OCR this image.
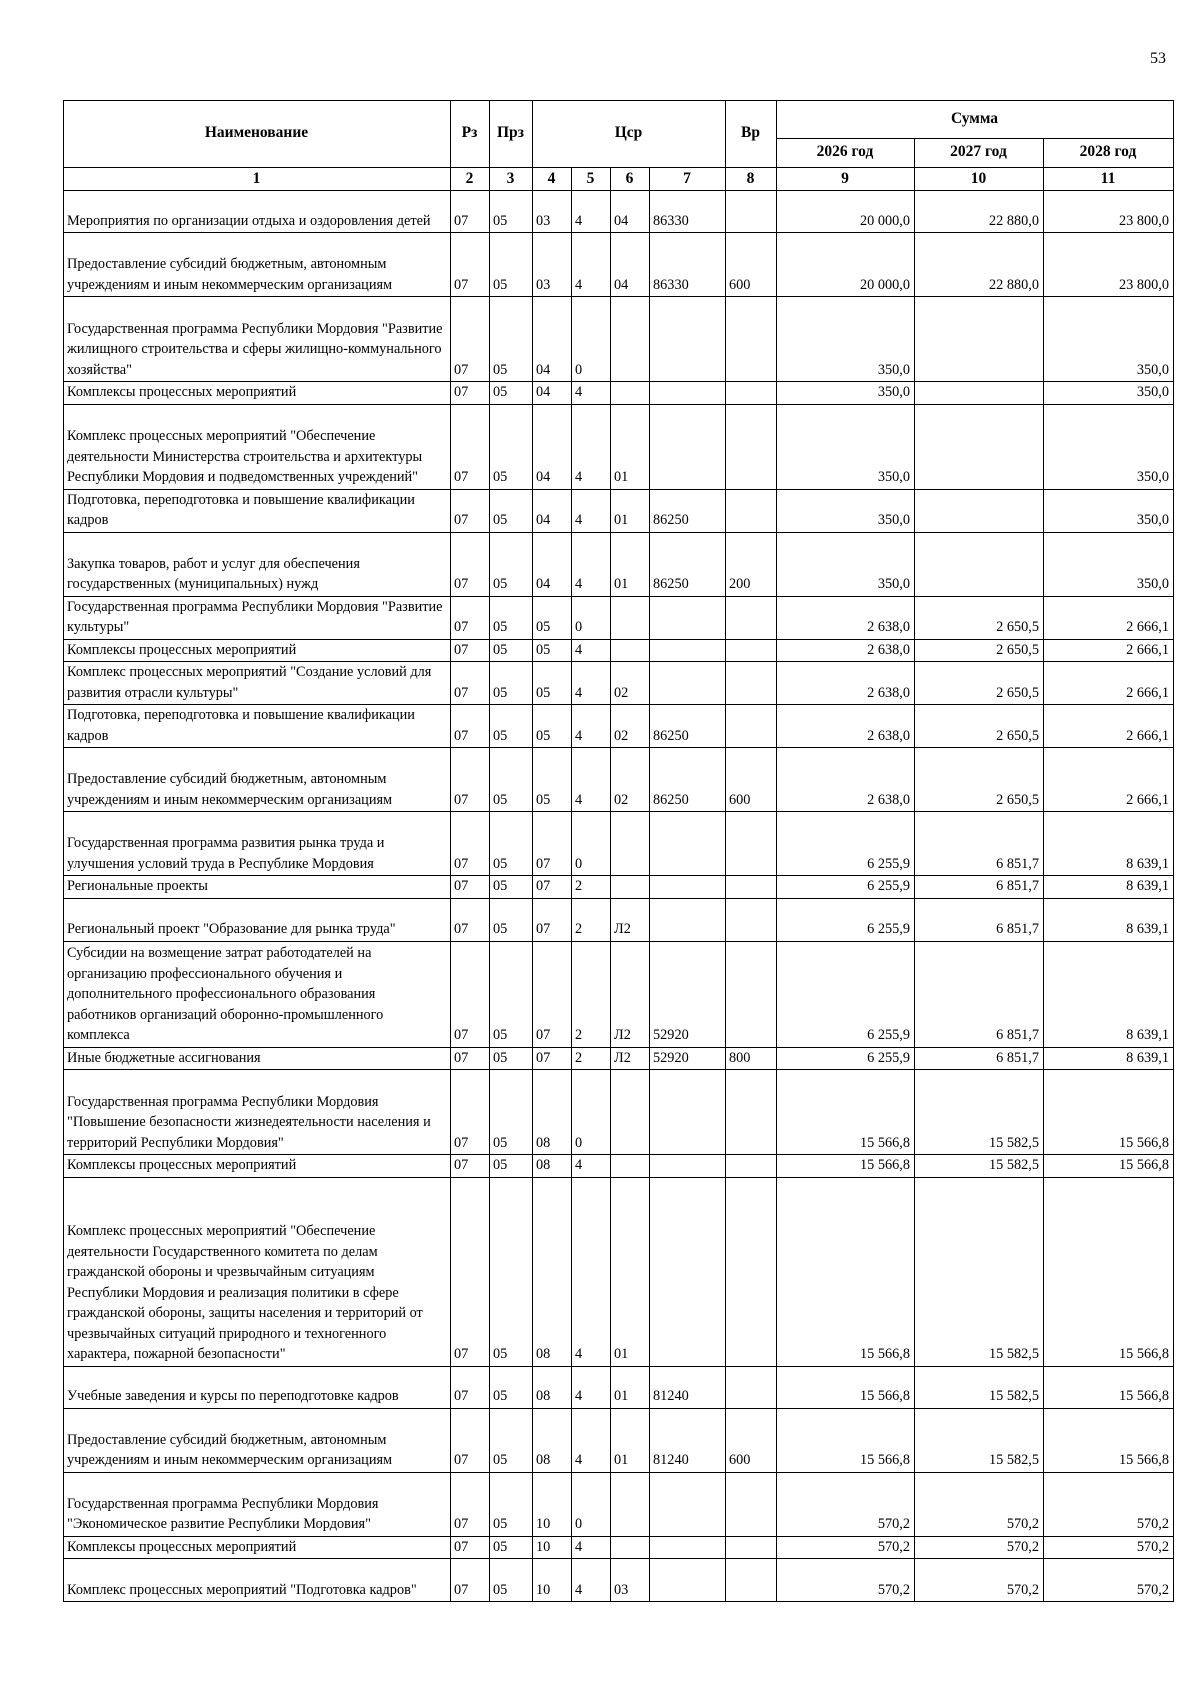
53
Наименование	Рз	Прз	Цср				Вр	Сумма		
								2026 год	2027 год	2028 год
1	2	3	4	5	6	7	8	9	10	11
Мероприятия по организации отдыха и оздоровления детей	07	05	03	4	04	86330		20 000,0	22 880,0	23 800,0
Предоставление субсидий бюджетным, автономным учреждениям и иным некоммерческим организациям	07	05	03	4	04	86330	600	20 000,0	22 880,0	23 800,0
Государственная программа Республики Мордовия "Развитие жилищного строительства и сферы жилищно-коммунального хозяйства"	07	05	04	0				350,0		350,0
Комплексы процессных мероприятий	07	05	04	4				350,0		350,0
Комплекс процессных мероприятий "Обеспечение деятельности Министерства строительства и архитектуры Республики Мордовия и подведомственных учреждений"	07	05	04	4	01			350,0		350,0
Подготовка, переподготовка и повышение квалификации кадров	07	05	04	4	01	86250		350,0		350,0
Закупка товаров, работ и услуг для обеспечения государственных (муниципальных) нужд	07	05	04	4	01	86250	200	350,0		350,0
Государственная программа Республики Мордовия "Развитие культуры"	07	05	05	0				2 638,0	2 650,5	2 666,1
Комплексы процессных мероприятий	07	05	05	4				2 638,0	2 650,5	2 666,1
Комплекс процессных мероприятий "Создание условий для развития отрасли культуры"	07	05	05	4	02			2 638,0	2 650,5	2 666,1
Подготовка, переподготовка и повышение квалификации кадров	07	05	05	4	02	86250		2 638,0	2 650,5	2 666,1
Предоставление субсидий бюджетным, автономным учреждениям и иным некоммерческим организациям	07	05	05	4	02	86250	600	2 638,0	2 650,5	2 666,1
Государственная программа развития рынка труда и улучшения условий труда в Республике Мордовия	07	05	07	0				6 255,9	6 851,7	8 639,1
Региональные проекты	07	05	07	2				6 255,9	6 851,7	8 639,1
Региональный проект "Образование для рынка труда"	07	05	07	2	Л2			6 255,9	6 851,7	8 639,1
Субсидии на возмещение затрат работодателей на организацию профессионального обучения и дополнительного профессионального образования работников организаций оборонно-промышленного комплекса	07	05	07	2	Л2	52920		6 255,9	6 851,7	8 639,1
Иные бюджетные ассигнования	07	05	07	2	Л2	52920	800	6 255,9	6 851,7	8 639,1
Государственная программа Республики Мордовия "Повышение безопасности жизнедеятельности населения и территорий Республики Мордовия"	07	05	08	0				15 566,8	15 582,5	15 566,8
Комплексы процессных мероприятий	07	05	08	4				15 566,8	15 582,5	15 566,8
Комплекс процессных мероприятий "Обеспечение деятельности Государственного комитета по делам гражданской обороны и чрезвычайным ситуациям Республики Мордовия и реализация политики в сфере гражданской обороны, защиты населения и территорий от чрезвычайных ситуаций природного и техногенного характера, пожарной безопасности"	07	05	08	4	01			15 566,8	15 582,5	15 566,8
Учебные заведения и курсы по переподготовке кадров	07	05	08	4	01	81240		15 566,8	15 582,5	15 566,8
Предоставление субсидий бюджетным, автономным учреждениям и иным некоммерческим организациям	07	05	08	4	01	81240	600	15 566,8	15 582,5	15 566,8
Государственная программа Республики Мордовия "Экономическое развитие Республики Мордовия"	07	05	10	0				570,2	570,2	570,2
Комплексы процессных мероприятий	07	05	10	4				570,2	570,2	570,2
Комплекс процессных мероприятий "Подготовка кадров"	07	05	10	4	03			570,2	570,2	570,2
